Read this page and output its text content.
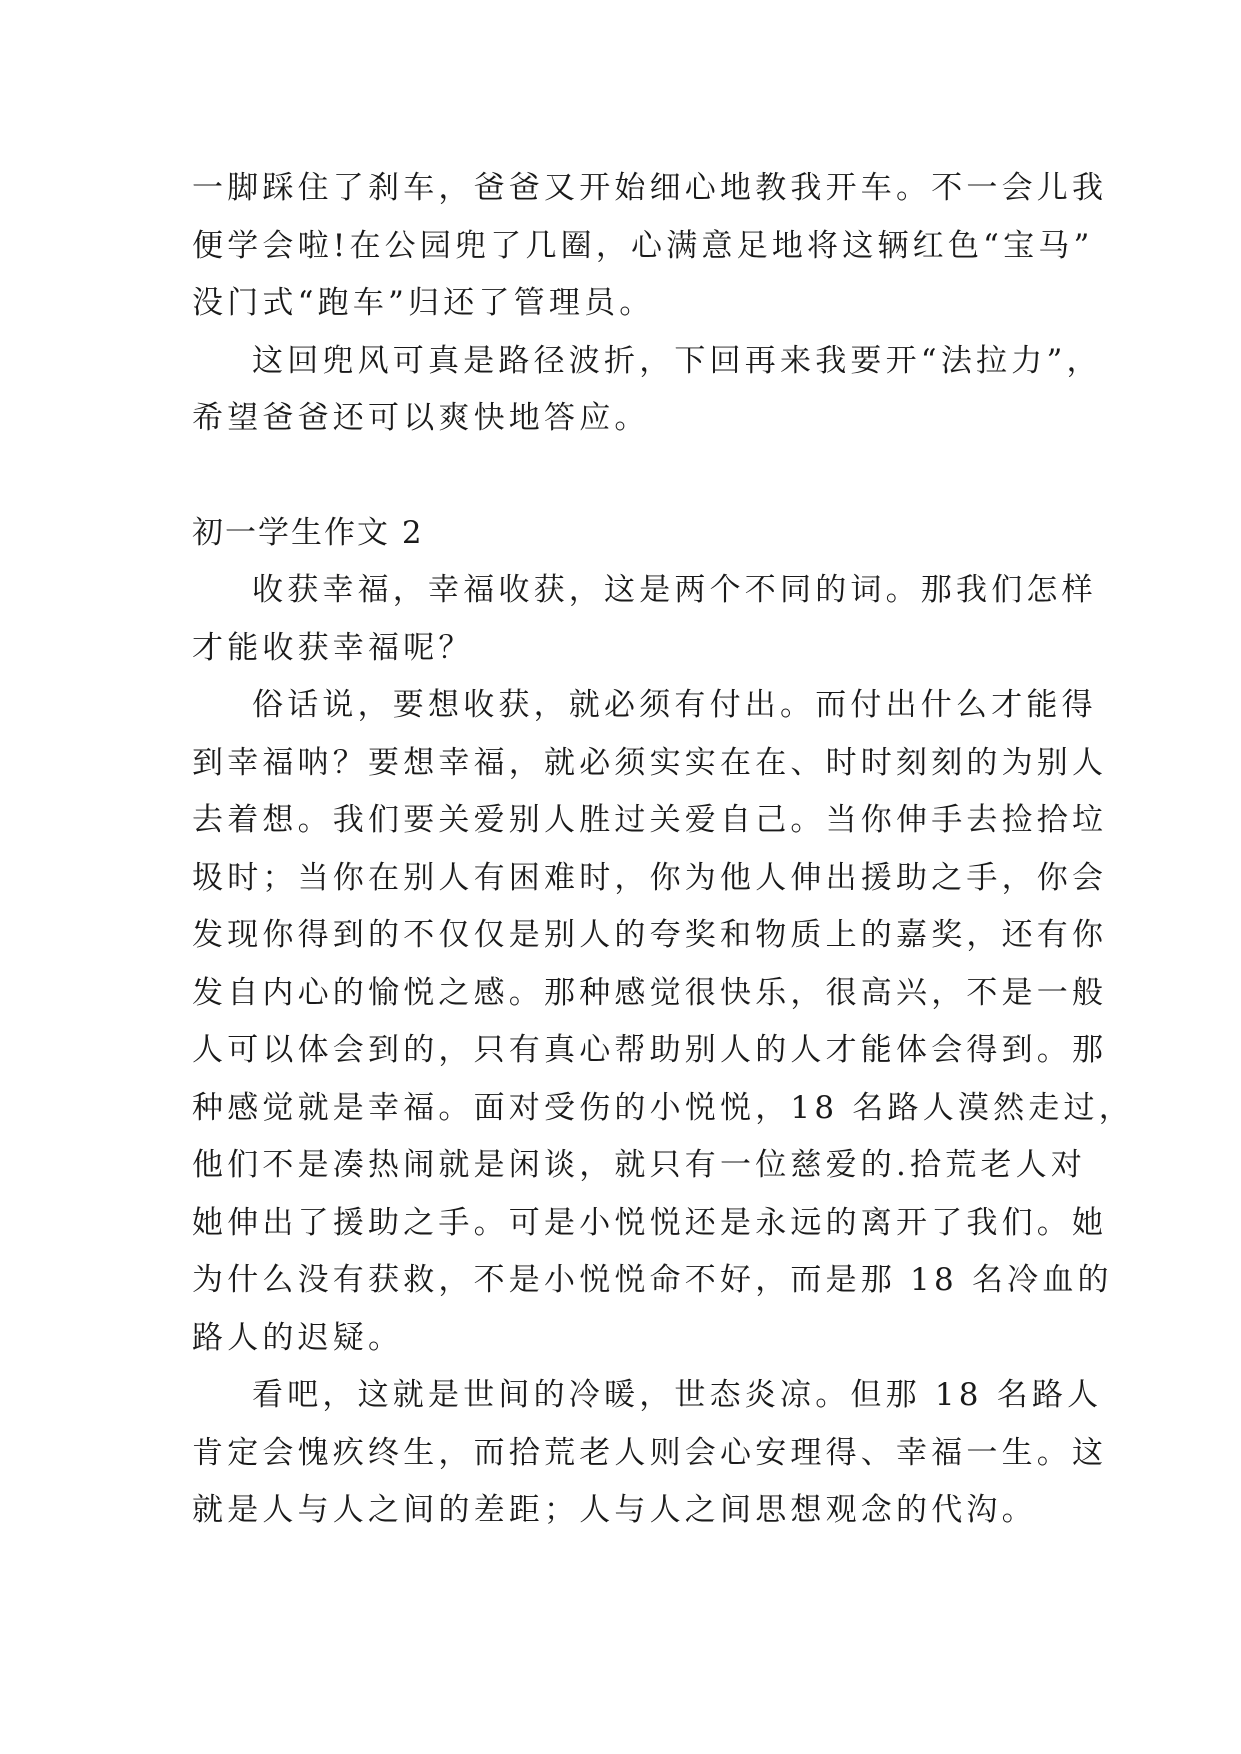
一脚踩住了刹车，爸爸又开始细心地教我开车。不一会儿我
便学会啦!在公园兜了几圈，心满意足地将这辆红色“宝马”
没门式“跑车”归还了管理员。

这回兜风可真是路径波折，下回再来我要开“法拉力”，
希望爸爸还可以爽快地答应。

初一学生作文 2

收获幸福，幸福收获，这是两个不同的词。那我们怎样
才能收获幸福呢？

俗话说，要想收获，就必须有付出。而付出什么才能得
到幸福呐？要想幸福，就必须实实在在、时时刻刻的为别人
去着想。我们要关爱别人胜过关爱自己。当你伸手去捡拾垃
圾时；当你在别人有困难时，你为他人伸出援助之手，你会
发现你得到的不仅仅是别人的夸奖和物质上的嘉奖，还有你
发自内心的愉悦之感。那种感觉很快乐，很高兴，不是一般
人可以体会到的，只有真心帮助别人的人才能体会得到。那
种感觉就是幸福。面对受伤的小悦悦，18 名路人漠然走过，
他们不是凑热闹就是闲谈，就只有一位慈爱的.拾荒老人对
她伸出了援助之手。可是小悦悦还是永远的离开了我们。她
为什么没有获救，不是小悦悦命不好，而是那 18 名冷血的
路人的迟疑。

看吧，这就是世间的冷暖，世态炎凉。但那 18 名路人
肯定会愧疚终生，而拾荒老人则会心安理得、幸福一生。这
就是人与人之间的差距；人与人之间思想观念的代沟。
